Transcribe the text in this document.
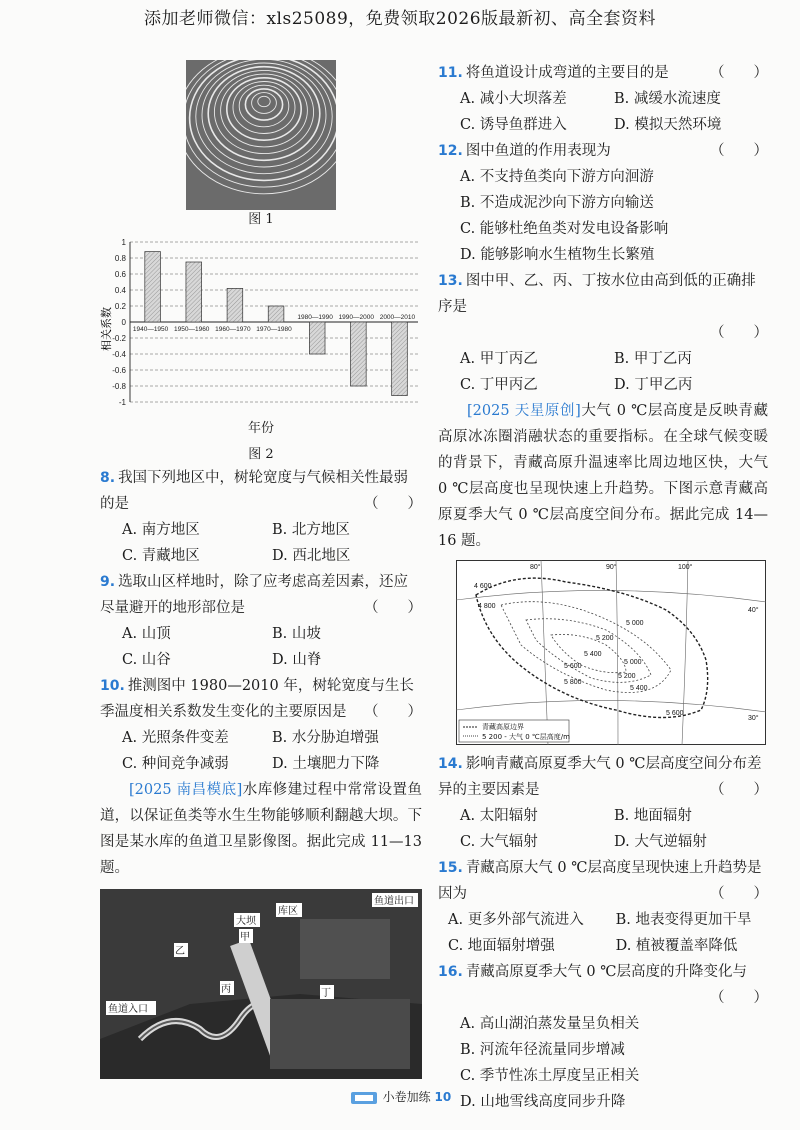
添加老师微信：xls25089，免费领取2026版最新初、高全套资料
图 1
1
0.8
0.6
0.4
0.2
0
-0.2
-0.4
-0.6
-0.8
-1
1940—1950 1950—1960 1960—1970 1970—1980
1980—1990 1990—2000 2000—2010
相关系数
年份
图 2
8. 我国下列地区中，树轮宽度与气候相关性最弱的是	（　　）
A. 南方地区	B. 北方地区
C. 青藏地区	D. 西北地区
9. 选取山区样地时，除了应考虑高差因素，还应尽量避开的地形部位是	（　　）
A. 山顶	B. 山坡
C. 山谷	D. 山脊
10. 推测图中 1980—2010 年，树轮宽度与生长季温度相关系数发生变化的主要原因是 （　　）
A. 光照条件变差	B. 水分胁迫增强
C. 种间竞争减弱	D. 土壤肥力下降
[2025 南昌模底]水库修建过程中常常设置鱼道，以保证鱼类等水生生物能够顺利翻越大坝。下图是某水库的鱼道卫星影像图。据此完成 11—13 题。
鱼道出口
库区
大坝
甲
乙
丙	丁
鱼道入口
11. 将鱼道设计成弯道的主要目的是	（　　）
A. 减小大坝落差	B. 减缓水流速度
C. 诱导鱼群进入	D. 模拟天然环境
12. 图中鱼道的作用表现为	（　　）
A. 不支持鱼类向下游方向洄游
B. 不造成泥沙向下游方向输送
C. 能够杜绝鱼类对发电设备影响
D. 能够影响水生植物生长繁殖
13. 图中甲、乙、丙、丁按水位由高到低的正确排序是
（　　）
A. 甲丁丙乙	B. 甲丁乙丙
C. 丁甲丙乙	D. 丁甲乙丙
[2025 天星原创]大气 0 ℃层高度是反映青藏高原冰冻圈消融状态的重要指标。在全球气候变暖的背景下，青藏高原升温速率比周边地区快，大气 0 ℃层高度也呈现快速上升趋势。下图示意青藏高原夏季大气 0 ℃层高度空间分布。据此完成 14—16 题。
80°	90°	100°
40°
30°
4 600
4 800
5 000
5 200
5 400
5 600
5 800
5 000
5 200
5 400
5 600
青藏高原边界
5 200 - 大气 0 ℃层高度/m
14. 影响青藏高原夏季大气 0 ℃层高度空间分布差异的主要因素是	（　　）
A. 太阳辐射	B. 地面辐射
C. 大气辐射	D. 大气逆辐射
15. 青藏高原大气 0 ℃层高度呈现快速上升趋势是因为	（　　）
A. 更多外部气流进入	B. 地表变得更加干旱
C. 地面辐射增强	D. 植被覆盖率降低
16. 青藏高原夏季大气 0 ℃层高度的升降变化与
（　　）
A. 高山湖泊蒸发量呈负相关
B. 河流年径流量同步增减
C. 季节性冻土厚度呈正相关
D. 山地雪线高度同步升降
小卷加练 10
